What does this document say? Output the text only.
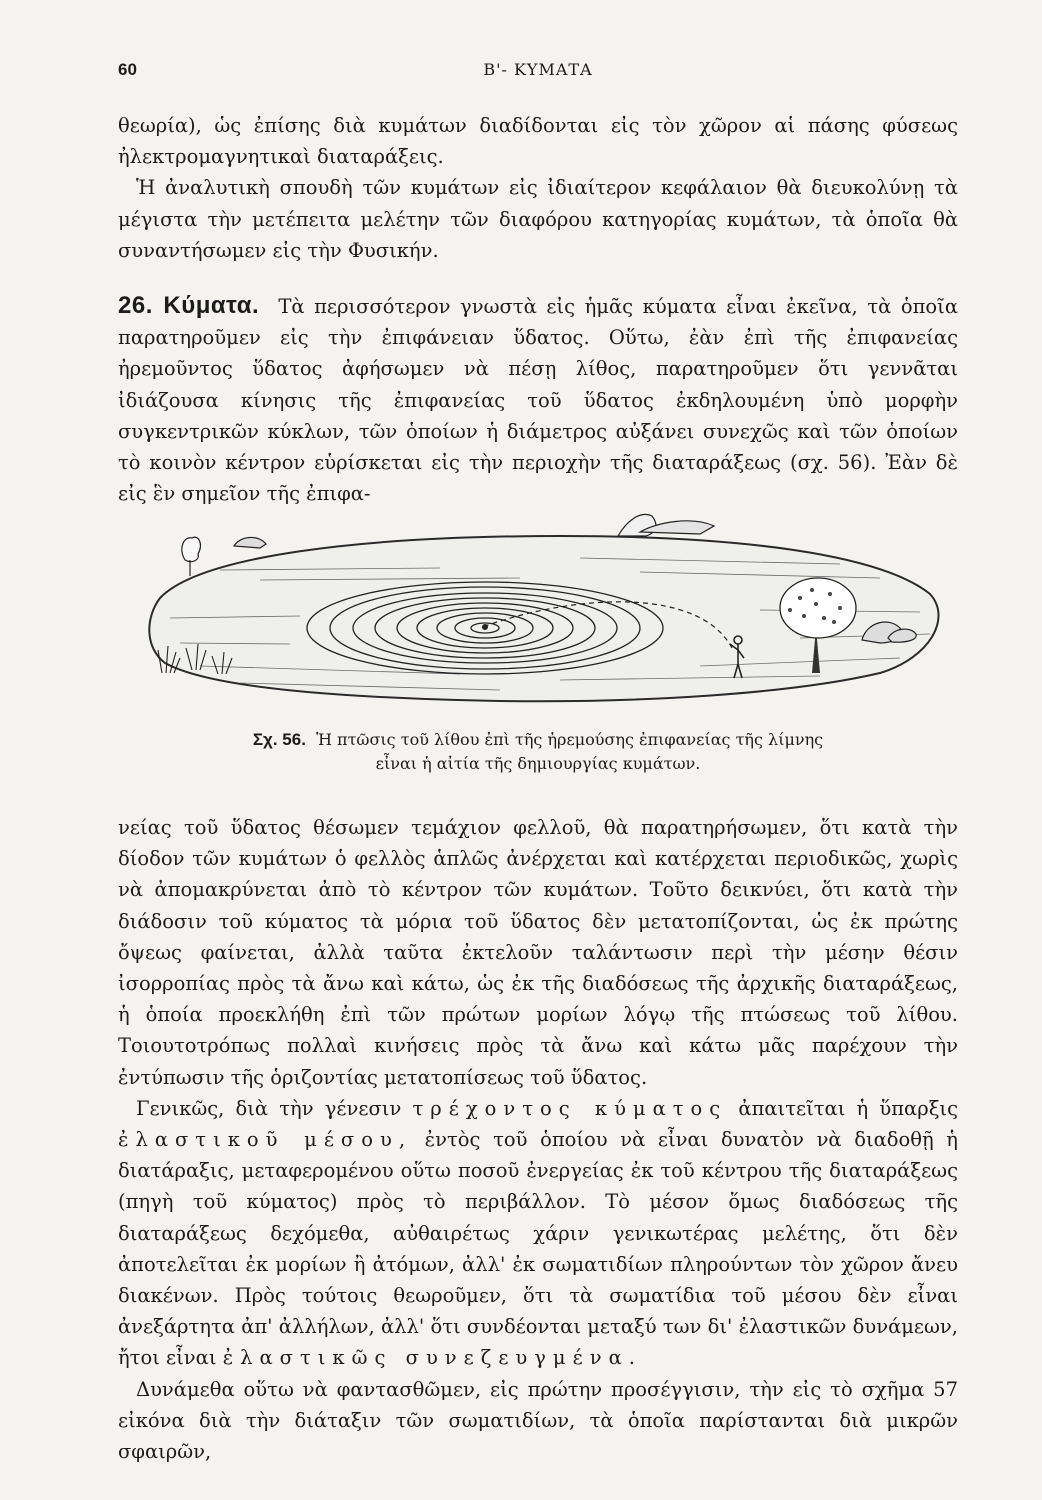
60	Β'- ΚΥΜΑΤΑ

θεωρία), ὡς ἐπίσης διὰ κυμάτων διαδίδονται εἰς τὸν χῶρον αἱ πάσης φύσεως ἠλεκτρομαγνητικαὶ διαταράξεις.

Ἡ ἀναλυτικὴ σπουδὴ τῶν κυμάτων εἰς ἰδιαίτερον κεφάλαιον θὰ διευκολύνῃ τὰ μέγιστα τὴν μετέπειτα μελέτην τῶν διαφόρου κατηγορίας κυμάτων, τὰ ὁποῖα θὰ συναντήσωμεν εἰς τὴν Φυσικήν.

26. Κύματα. Τὰ περισσότερον γνωστὰ εἰς ἡμᾶς κύματα εἶναι ἐκεῖνα, τὰ ὁποῖα παρατηροῦμεν εἰς τὴν ἐπιφάνειαν ὕδατος. Οὕτω, ἐὰν ἐπὶ τῆς ἐπιφανείας ἠρεμοῦντος ὕδατος ἀφήσωμεν νὰ πέσῃ λίθος, παρατηροῦμεν ὅτι γεννᾶται ἰδιάζουσα κίνησις τῆς ἐπιφανείας τοῦ ὕδατος ἐκδηλουμένη ὑπὸ μορφὴν συγκεντρικῶν κύκλων, τῶν ὁποίων ἡ διάμετρος αὐξάνει συνεχῶς καὶ τῶν ὁποίων τὸ κοινὸν κέντρον εὑρίσκεται εἰς τὴν περιοχὴν τῆς διαταράξεως (σχ. 56). Ἐὰν δὲ εἰς ἓν σημεῖον τῆς ἐπιφα-

Σχ. 56. Ἡ πτῶσις τοῦ λίθου ἐπὶ τῆς ἠρεμούσης ἐπιφανείας τῆς λίμνης
εἶναι ἡ αἰτία τῆς δημιουργίας κυμάτων.

νείας τοῦ ὕδατος θέσωμεν τεμάχιον φελλοῦ, θὰ παρατηρήσωμεν, ὅτι κατὰ τὴν δίοδον τῶν κυμάτων ὁ φελλὸς ἁπλῶς ἀνέρχεται καὶ κατέρχεται περιοδικῶς, χωρὶς νὰ ἀπομακρύνεται ἀπὸ τὸ κέντρον τῶν κυμάτων. Τοῦτο δεικνύει, ὅτι κατὰ τὴν διάδοσιν τοῦ κύματος τὰ μόρια τοῦ ὕδατος δὲν μετατοπίζονται, ὡς ἐκ πρώτης ὄψεως φαίνεται, ἀλλὰ ταῦτα ἐκτελοῦν ταλάντωσιν περὶ τὴν μέσην θέσιν ἰσορροπίας πρὸς τὰ ἄνω καὶ κάτω, ὡς ἐκ τῆς διαδόσεως τῆς ἀρχικῆς διαταράξεως, ἡ ὁποία προεκλήθη ἐπὶ τῶν πρώτων μορίων λόγῳ τῆς πτώσεως τοῦ λίθου. Τοιουτοτρόπως πολλαὶ κινήσεις πρὸς τὰ ἄνω καὶ κάτω μᾶς παρέχουν τὴν ἐντύπωσιν τῆς ὁριζοντίας μετατοπίσεως τοῦ ὕδατος.

Γενικῶς, διὰ τὴν γένεσιν τρέχοντος κύματος ἀπαιτεῖται ἡ ὕπαρξις ἐλαστικοῦ μέσου, ἐντὸς τοῦ ὁποίου νὰ εἶναι δυνατὸν νὰ διαδοθῇ ἡ διατάραξις, μεταφερομένου οὕτω ποσοῦ ἐνεργείας ἐκ τοῦ κέντρου τῆς διαταράξεως (πηγὴ τοῦ κύματος) πρὸς τὸ περιβάλλον. Τὸ μέσον ὅμως διαδόσεως τῆς διαταράξεως δεχόμεθα, αὐθαιρέτως χάριν γενικωτέρας μελέτης, ὅτι δὲν ἀποτελεῖται ἐκ μορίων ἢ ἀτόμων, ἀλλ' ἐκ σωματιδίων πληρούντων τὸν χῶρον ἄνευ διακένων. Πρὸς τούτοις θεωροῦμεν, ὅτι τὰ σωματίδια τοῦ μέσου δὲν εἶναι ἀνεξάρτητα ἀπ' ἀλλήλων, ἀλλ' ὅτι συνδέονται μεταξύ των δι' ἐλαστικῶν δυνάμεων, ἤτοι εἶναι ἐλαστικῶς συνεζευγμένα.

Δυνάμεθα οὕτω νὰ φαντασθῶμεν, εἰς πρώτην προσέγγισιν, τὴν εἰς τὸ σχῆμα 57 εἰκόνα διὰ τὴν διάταξιν τῶν σωματιδίων, τὰ ὁποῖα παρίστανται διὰ μικρῶν σφαιρῶν,
